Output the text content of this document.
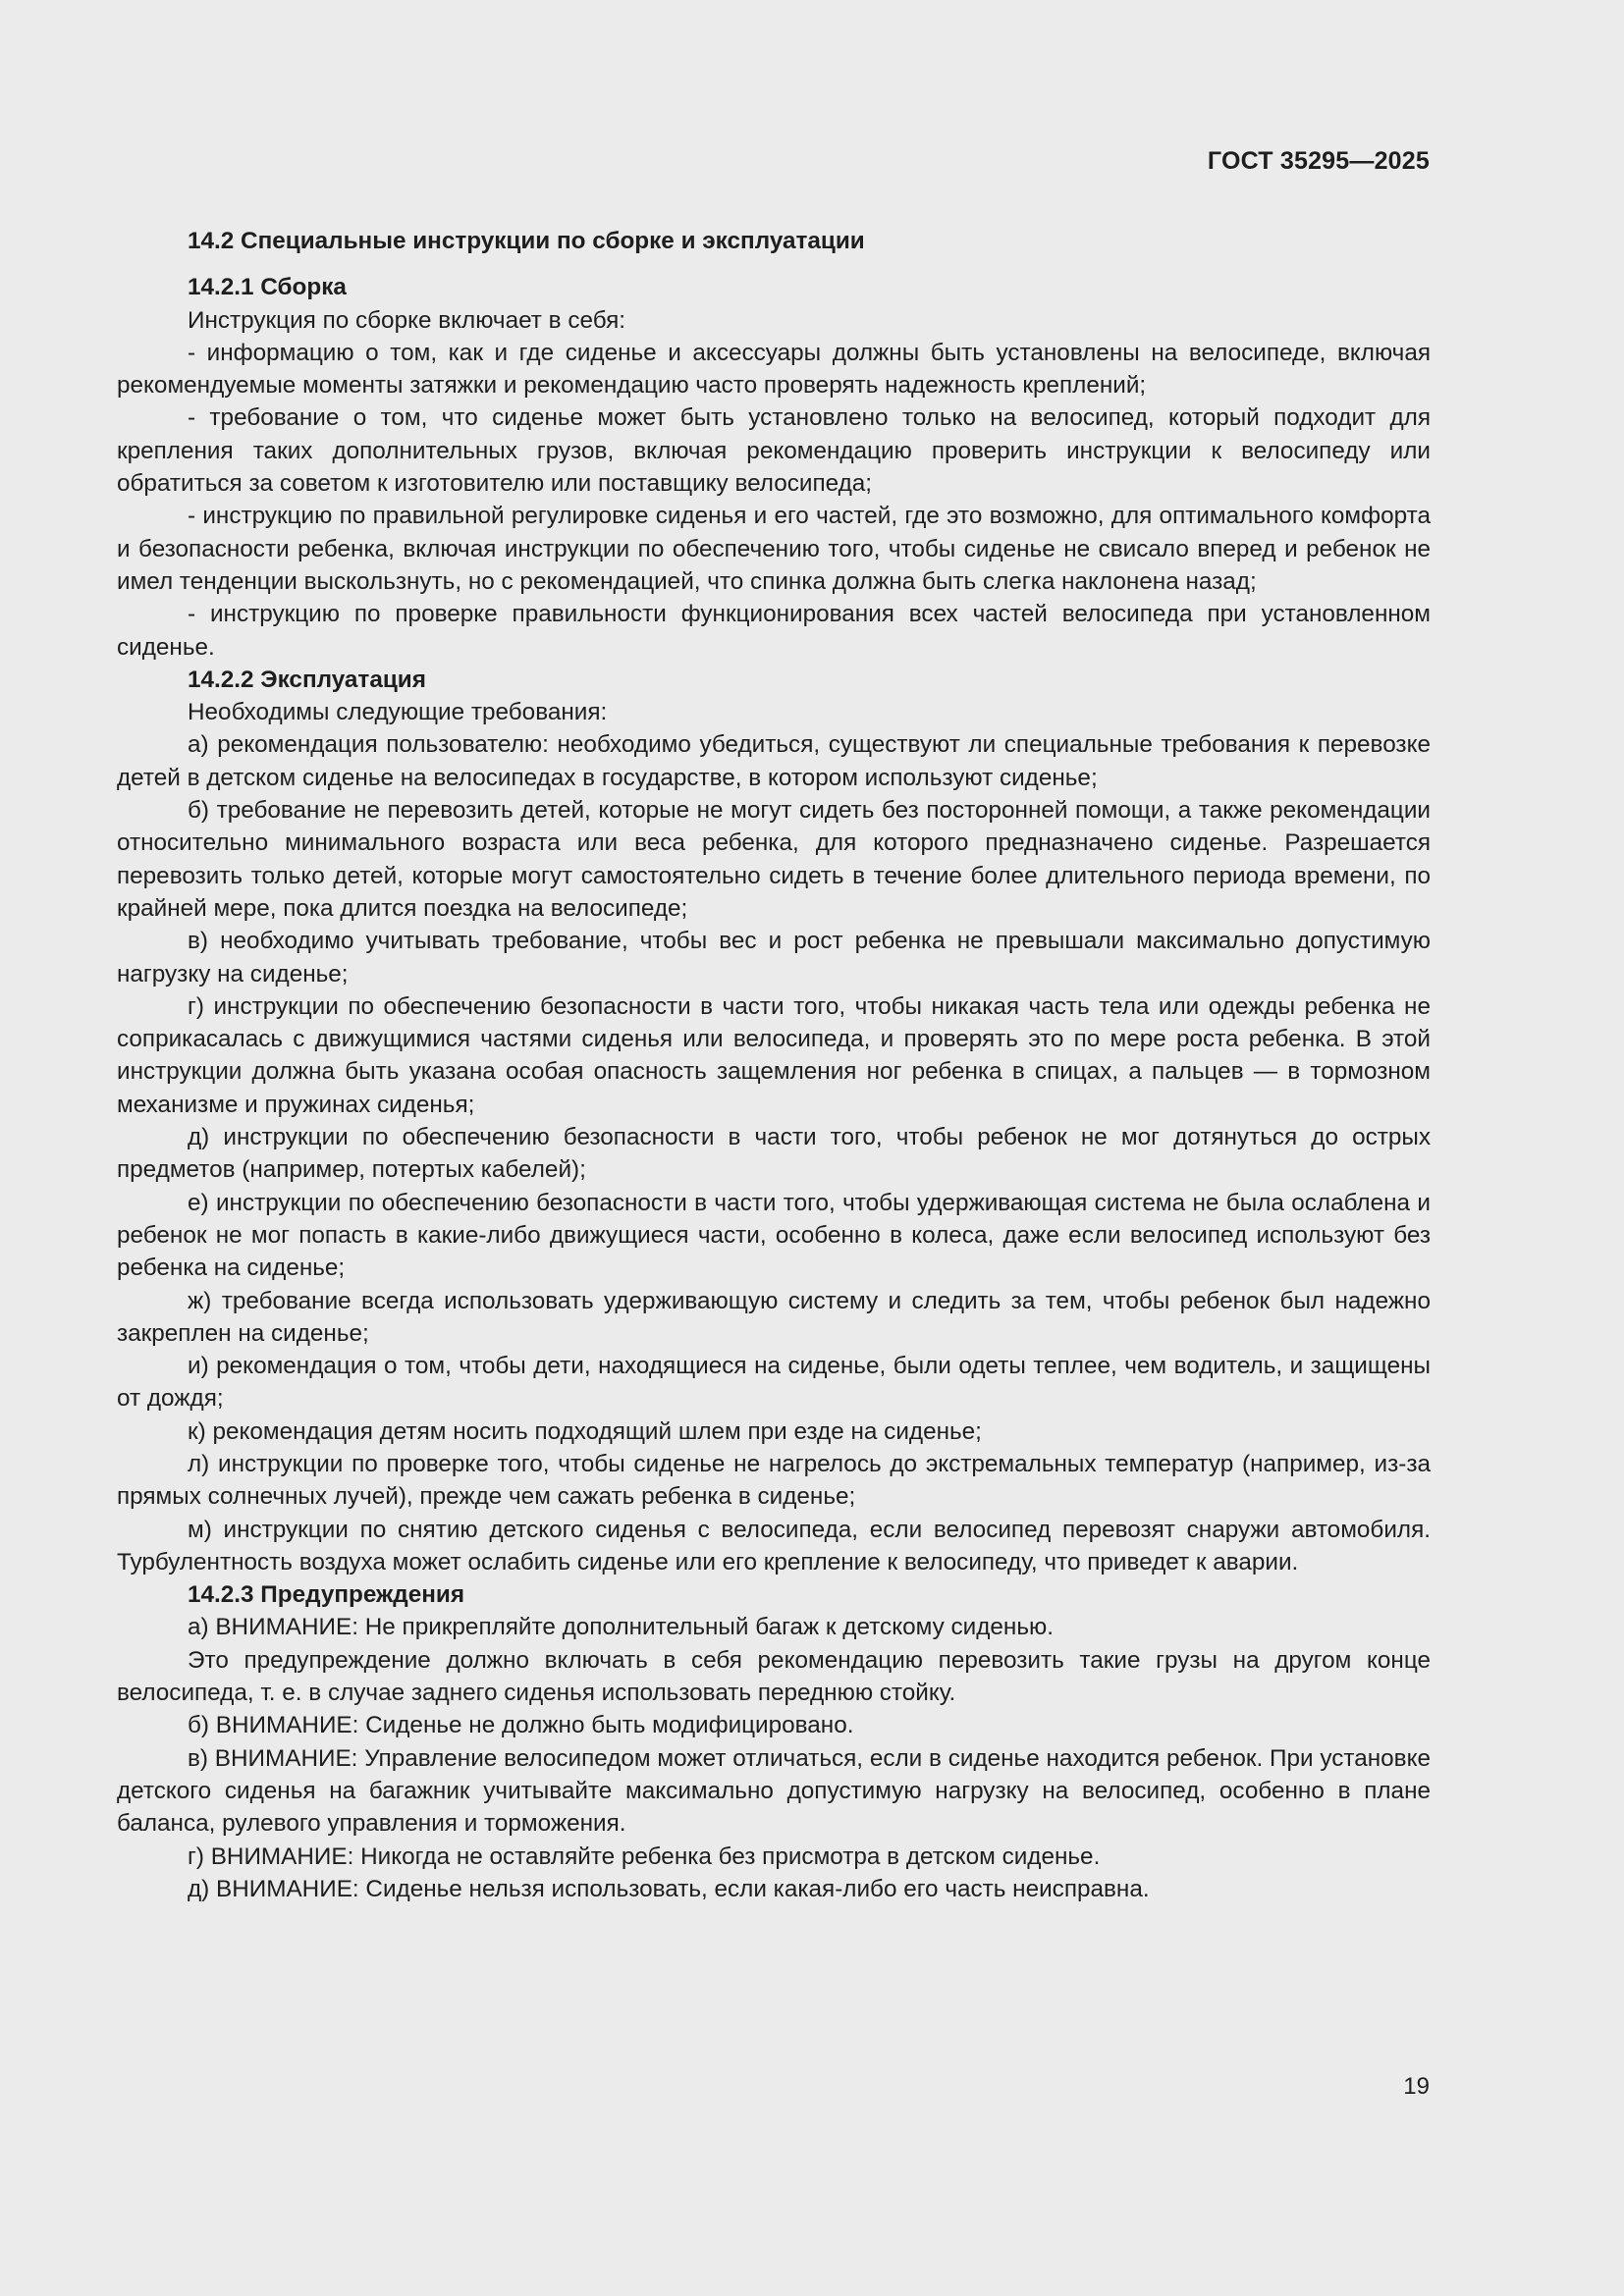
ГОСТ 35295—2025

14.2 Специальные инструкции по сборке и эксплуатации

14.2.1 Сборка

Инструкция по сборке включает в себя:

- информацию о том, как и где сиденье и аксессуары должны быть установлены на велосипеде, включая рекомендуемые моменты затяжки и рекомендацию часто проверять надежность креплений;

- требование о том, что сиденье может быть установлено только на велосипед, который подходит для крепления таких дополнительных грузов, включая рекомендацию проверить инструкции к велосипеду или обратиться за советом к изготовителю или поставщику велосипеда;

- инструкцию по правильной регулировке сиденья и его частей, где это возможно, для оптимального комфорта и безопасности ребенка, включая инструкции по обеспечению того, чтобы сиденье не свисало вперед и ребенок не имел тенденции выскользнуть, но с рекомендацией, что спинка должна быть слегка наклонена назад;

- инструкцию по проверке правильности функционирования всех частей велосипеда при установленном сиденье.

14.2.2 Эксплуатация

Необходимы следующие требования:

а) рекомендация пользователю: необходимо убедиться, существуют ли специальные требования к перевозке детей в детском сиденье на велосипедах в государстве, в котором используют сиденье;

б) требование не перевозить детей, которые не могут сидеть без посторонней помощи, а также рекомендации относительно минимального возраста или веса ребенка, для которого предназначено сиденье. Разрешается перевозить только детей, которые могут самостоятельно сидеть в течение более длительного периода времени, по крайней мере, пока длится поездка на велосипеде;

в) необходимо учитывать требование, чтобы вес и рост ребенка не превышали максимально допустимую нагрузку на сиденье;

г) инструкции по обеспечению безопасности в части того, чтобы никакая часть тела или одежды ребенка не соприкасалась с движущимися частями сиденья или велосипеда, и проверять это по мере роста ребенка. В этой инструкции должна быть указана особая опасность защемления ног ребенка в спицах, а пальцев — в тормозном механизме и пружинах сиденья;

д) инструкции по обеспечению безопасности в части того, чтобы ребенок не мог дотянуться до острых предметов (например, потертых кабелей);

е) инструкции по обеспечению безопасности в части того, чтобы удерживающая система не была ослаблена и ребенок не мог попасть в какие-либо движущиеся части, особенно в колеса, даже если велосипед используют без ребенка на сиденье;

ж) требование всегда использовать удерживающую систему и следить за тем, чтобы ребенок был надежно закреплен на сиденье;

и) рекомендация о том, чтобы дети, находящиеся на сиденье, были одеты теплее, чем водитель, и защищены от дождя;

к) рекомендация детям носить подходящий шлем при езде на сиденье;

л) инструкции по проверке того, чтобы сиденье не нагрелось до экстремальных температур (например, из-за прямых солнечных лучей), прежде чем сажать ребенка в сиденье;

м) инструкции по снятию детского сиденья с велосипеда, если велосипед перевозят снаружи автомобиля. Турбулентность воздуха может ослабить сиденье или его крепление к велосипеду, что приведет к аварии.

14.2.3 Предупреждения

а) ВНИМАНИЕ: Не прикрепляйте дополнительный багаж к детскому сиденью.

Это предупреждение должно включать в себя рекомендацию перевозить такие грузы на другом конце велосипеда, т. е. в случае заднего сиденья использовать переднюю стойку.

б) ВНИМАНИЕ: Сиденье не должно быть модифицировано.

в) ВНИМАНИЕ: Управление велосипедом может отличаться, если в сиденье находится ребенок. При установке детского сиденья на багажник учитывайте максимально допустимую нагрузку на велосипед, особенно в плане баланса, рулевого управления и торможения.

г) ВНИМАНИЕ: Никогда не оставляйте ребенка без присмотра в детском сиденье.

д) ВНИМАНИЕ: Сиденье нельзя использовать, если какая-либо его часть неисправна.

19
